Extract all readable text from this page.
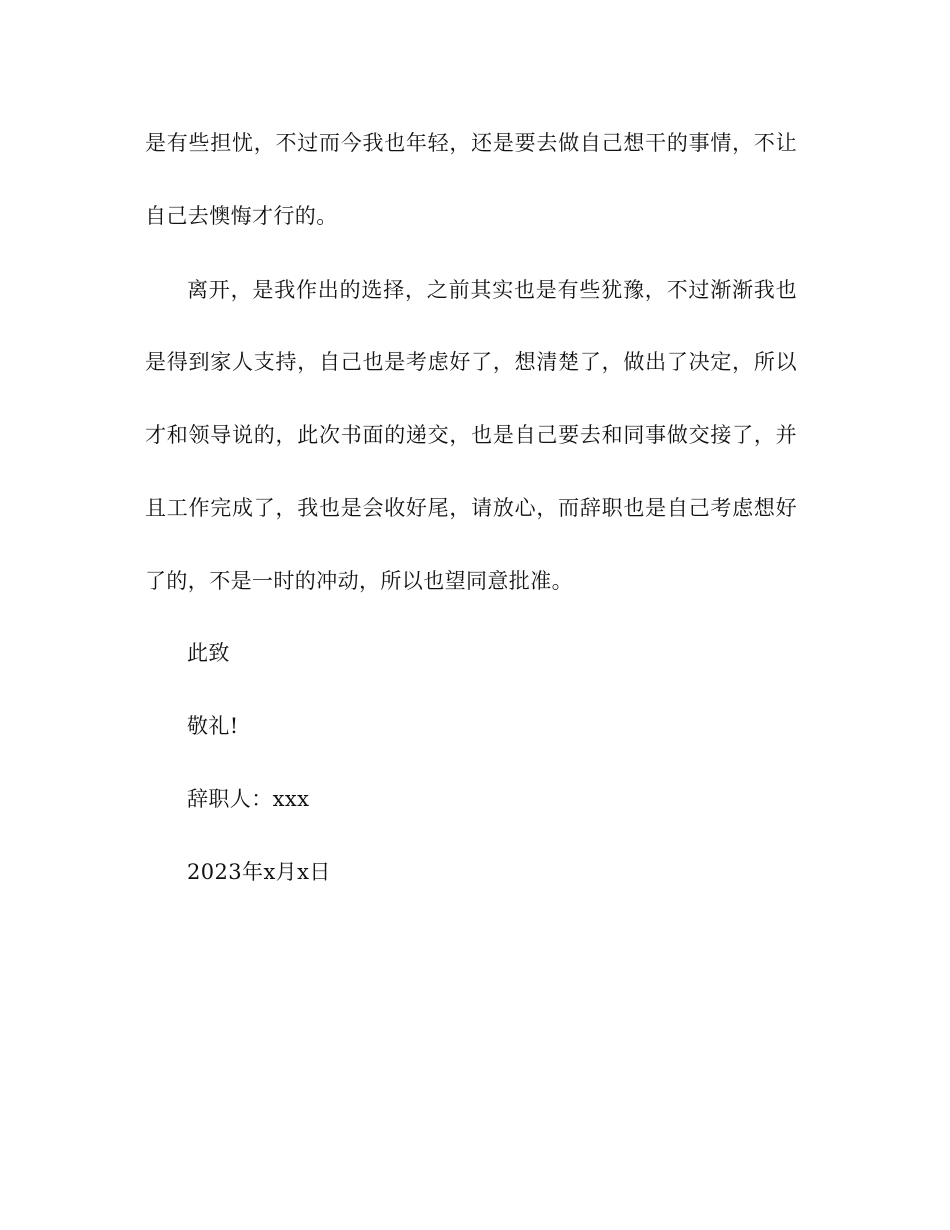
是有些担忧，不过而今我也年轻，还是要去做自己想干的事情，不让
自己去懊悔才行的。
离开，是我作出的选择，之前其实也是有些犹豫，不过渐渐我也
是得到家人支持，自己也是考虑好了，想清楚了，做出了决定，所以
才和领导说的，此次书面的递交，也是自己要去和同事做交接了，并
且工作完成了，我也是会收好尾，请放心，而辞职也是自己考虑想好
了的，不是一时的冲动，所以也望同意批准。
此致
敬礼!
辞职人：xxx
2023年x月x日
